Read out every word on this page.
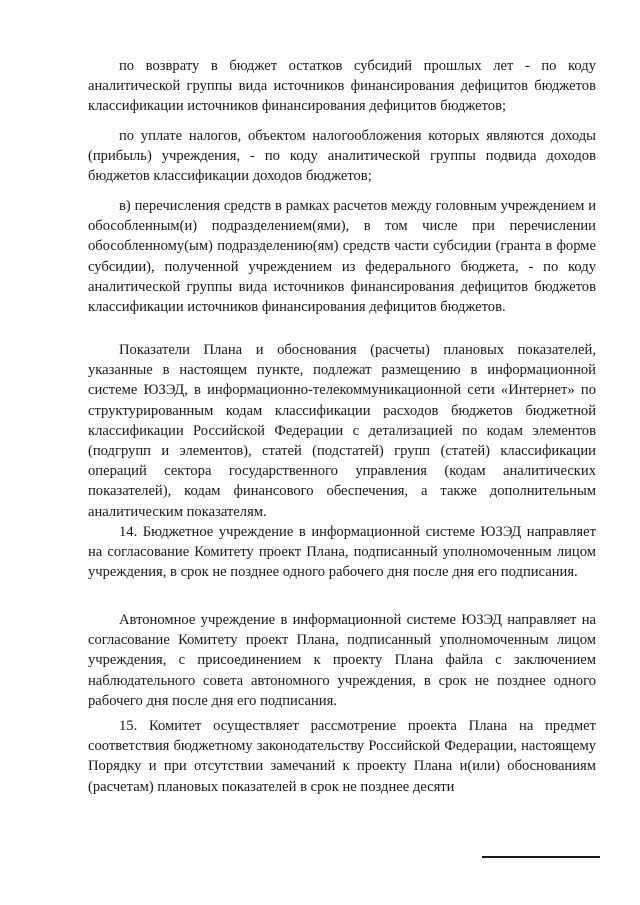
по возврату в бюджет остатков субсидий прошлых лет - по коду аналитической группы вида источников финансирования дефицитов бюджетов классификации источников финансирования дефицитов бюджетов;

по уплате налогов, объектом налогообложения которых являются доходы (прибыль) учреждения, - по коду аналитической группы подвида доходов бюджетов классификации доходов бюджетов;

в) перечисления средств в рамках расчетов между головным учреждением и обособленным(и) подразделением(ями), в том числе при перечислении обособленному(ым) подразделению(ям) средств части субсидии (гранта в форме субсидии), полученной учреждением из федерального бюджета, - по коду аналитической группы вида источников финансирования дефицитов бюджетов классификации источников финансирования дефицитов бюджетов.

Показатели Плана и обоснования (расчеты) плановых показателей, указанные в настоящем пункте, подлежат размещению в информационной системе ЮЗЭД, в информационно-телекоммуникационной сети «Интернет» по структурированным кодам классификации расходов бюджетов бюджетной классификации Российской Федерации с детализацией по кодам элементов (подгрупп и элементов), статей (подстатей) групп (статей) классификации операций сектора государственного управления (кодам аналитических показателей), кодам финансового обеспечения, а также дополнительным аналитическим показателям.

14. Бюджетное учреждение в информационной системе ЮЗЭД направляет на согласование Комитету проект Плана, подписанный уполномоченным лицом учреждения, в срок не позднее одного рабочего дня после дня его подписания.

Автономное учреждение в информационной системе ЮЗЭД направляет на согласование Комитету проект Плана, подписанный уполномоченным лицом учреждения, с присоединением к проекту Плана файла с заключением наблюдательного совета автономного учреждения, в срок не позднее одного рабочего дня после дня его подписания.

15. Комитет осуществляет рассмотрение проекта Плана на предмет соответствия бюджетному законодательству Российской Федерации, настоящему Порядку и при отсутствии замечаний к проекту Плана и(или) обоснованиям (расчетам) плановых показателей в срок не позднее десяти
